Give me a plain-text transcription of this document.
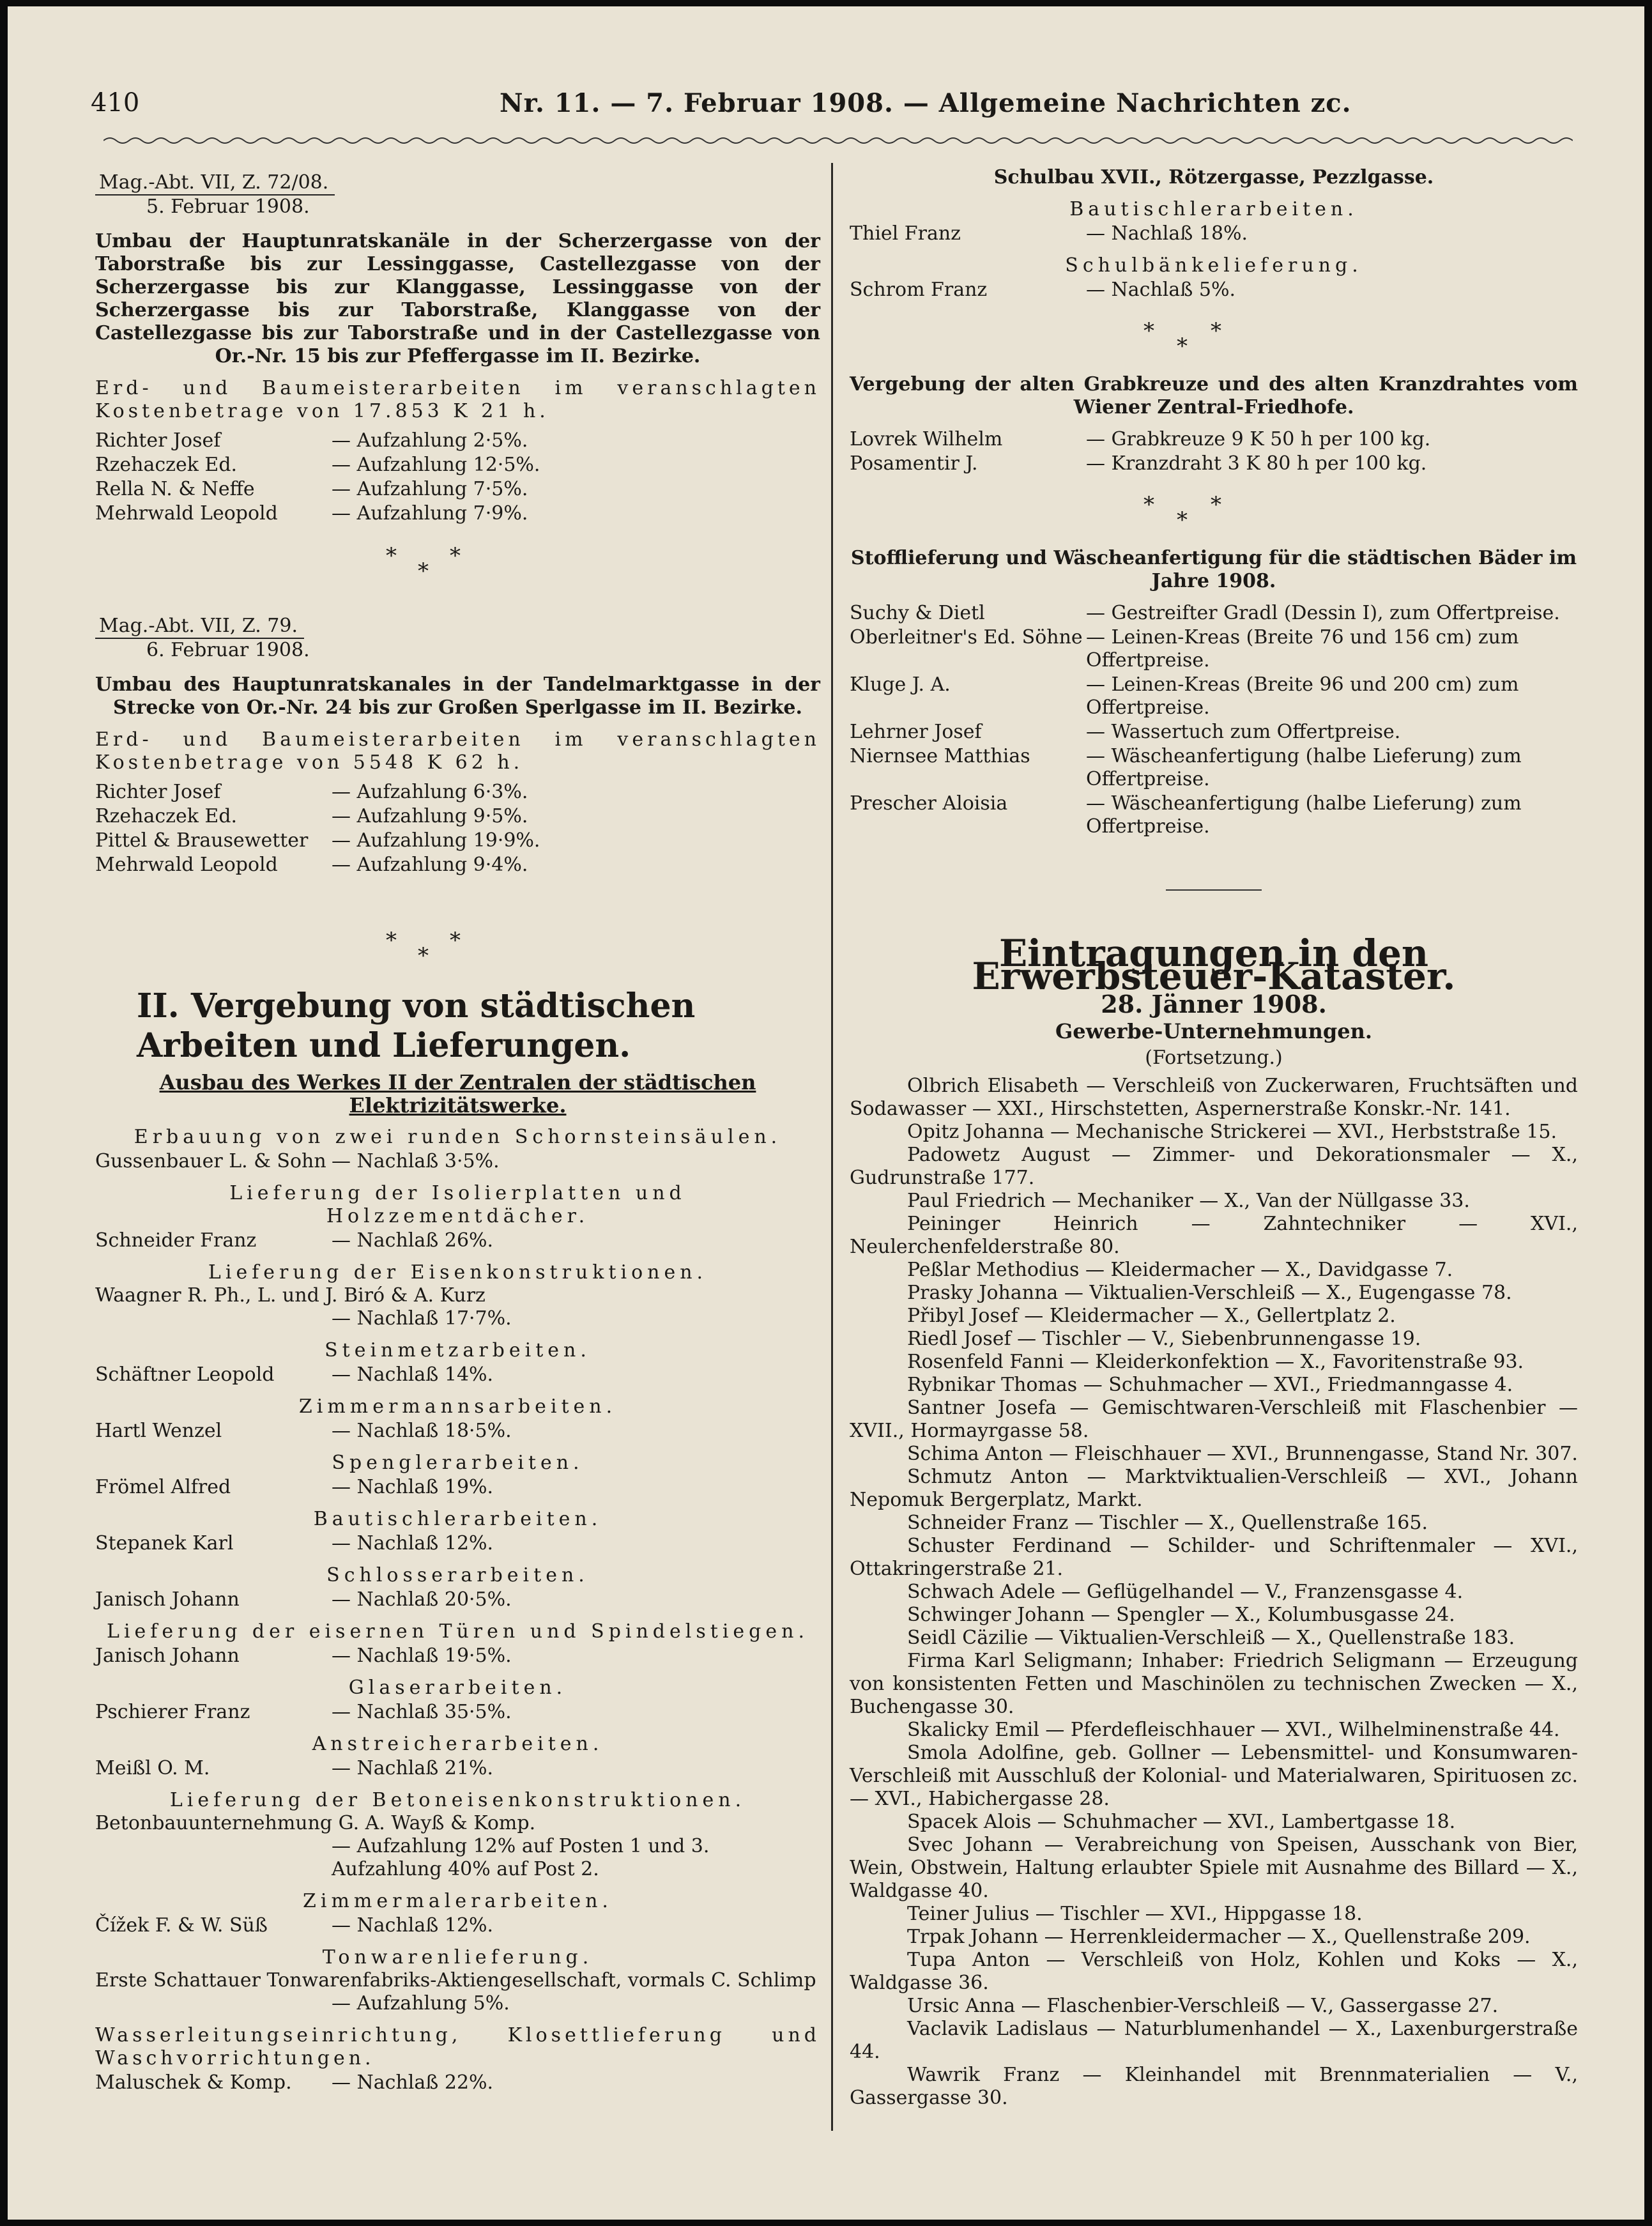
410	Nr. 11. — 7. Februar 1908. — Allgemeine Nachrichten zc.
Mag.-Abt. VII, Z. 72/08.
5. Februar 1908.
Umbau der Hauptunratskanäle in der Scherzergasse von der Taborstraße bis zur Lessinggasse, Castellezgasse von der Scherzergasse bis zur Klanggasse, Lessinggasse von der Scherzergasse bis zur Taborstraße, Klanggasse von der Castellezgasse bis zur Taborstraße und in der Castellezgasse von Or.-Nr. 15 bis zur Pfeffergasse im II. Bezirke.
Erd- und Baumeisterarbeiten im veranschlagten Kostenbetrage von 17.853 K 21 h.
Richter Josef	— Aufzahlung 2·5%.
Rzehaczek Ed.	— Aufzahlung 12·5%.
Rella N. & Neffe	— Aufzahlung 7·5%.
Mehrwald Leopold	— Aufzahlung 7·9%.
* *
*
Mag.-Abt. VII, Z. 79.
6. Februar 1908.
Umbau des Hauptunratskanales in der Tandelmarktgasse in der Strecke von Or.-Nr. 24 bis zur Großen Sperlgasse im II. Bezirke.
Erd- und Baumeisterarbeiten im veranschlagten Kostenbetrage von 5548 K 62 h.
Richter Josef	— Aufzahlung 6·3%.
Rzehaczek Ed.	— Aufzahlung 9·5%.
Pittel & Brausewetter	— Aufzahlung 19·9%.
Mehrwald Leopold	— Aufzahlung 9·4%.
* *
*
II. Vergebung von städtischen Arbeiten und Lieferungen.
Ausbau des Werkes II der Zentralen der städtischen Elektrizitätswerke.
Erbauung von zwei runden Schornsteinsäulen.
Gussenbauer L. & Sohn — Nachlaß 3·5%.
Lieferung der Isolierplatten und Holzzementdächer.
Schneider Franz	— Nachlaß 26%.
Lieferung der Eisenkonstruktionen.
Waagner R. Ph., L. und J. Biró & A. Kurz
— Nachlaß 17·7%.
Steinmetzarbeiten.
Schäftner Leopold	— Nachlaß 14%.
Zimmermannsarbeiten.
Hartl Wenzel	— Nachlaß 18·5%.
Spenglerarbeiten.
Frömel Alfred	— Nachlaß 19%.
Bautischlerarbeiten.
Stepanek Karl	— Nachlaß 12%.
Schlosserarbeiten.
Janisch Johann	— Nachlaß 20·5%.
Lieferung der eisernen Türen und Spindelstiegen.
Janisch Johann	— Nachlaß 19·5%.
Glaserarbeiten.
Pschierer Franz	— Nachlaß 35·5%.
Anstreicherarbeiten.
Meißl O. M.	— Nachlaß 21%.
Lieferung der Betoneisenkonstruktionen.
Betonbauunternehmung G. A. Wayß & Komp.
— Aufzahlung 12% auf Posten 1 und 3. Aufzahlung 40% auf Post 2.
Zimmermalerarbeiten.
Čížek F. & W. Süß	— Nachlaß 12%.
Tonwarenlieferung.
Erste Schattauer Tonwarenfabriks-Aktiengesellschaft, vormals C. Schlimp
— Aufzahlung 5%.
Wasserleitungseinrichtung, Klosettlieferung und Waschvorrichtungen.
Maluschek & Komp.	— Nachlaß 22%.
Schulbau XVII., Rötzergasse, Pezzlgasse.
Bautischlerarbeiten.
Thiel Franz	— Nachlaß 18%.
Schulbänkelieferung.
Schrom Franz	— Nachlaß 5%.
*	*
*
Vergebung der alten Grabkreuze und des alten Kranzdrahtes vom Wiener Zentral-Friedhofe.
Lovrek Wilhelm	— Grabkreuze 9 K 50 h per 100 kg.
Posamentir J.	— Kranzdraht 3 K 80 h per 100 kg.
*	*
*
Stofflieferung und Wäscheanfertigung für die städtischen Bäder im Jahre 1908.
Suchy & Dietl	— Gestreifter Gradl (Dessin I), zum Offertpreise.
Oberleitner's Ed. Söhne — Leinen-Kreas (Breite 76 und 156 cm) zum Offertpreise.
Kluge J. A.	— Leinen-Kreas (Breite 96 und 200 cm) zum Offertpreise.
Lehrner Josef	— Wassertuch zum Offertpreise.
Niernsee Matthias	— Wäscheanfertigung (halbe Lieferung) zum Offertpreise.
Prescher Aloisia	— Wäscheanfertigung (halbe Lieferung) zum Offertpreise.
Eintragungen in den Erwerbsteuer-Kataster.
28. Jänner 1908.
Gewerbe-Unternehmungen.
(Fortsetzung.)
Olbrich Elisabeth — Verschleiß von Zuckerwaren, Fruchtsäften und Sodawasser — XXI., Hirschstetten, Aspernerstraße Konskr.-Nr. 141.
Opitz Johanna — Mechanische Strickerei — XVI., Herbststraße 15.
Padowetz August — Zimmer- und Dekorationsmaler — X., Gudrunstraße 177.
Paul Friedrich — Mechaniker — X., Van der Nüllgasse 33.
Peininger Heinrich — Zahntechniker — XVI., Neulerchenfelderstraße 80.
Peßlar Methodius — Kleidermacher — X., Davidgasse 7.
Prasky Johanna — Viktualien-Verschleiß — X., Eugengasse 78.
Přibyl Josef — Kleidermacher — X., Gellertplatz 2.
Riedl Josef — Tischler — V., Siebenbrunnengasse 19.
Rosenfeld Fanni — Kleiderkonfektion — X., Favoritenstraße 93.
Rybnikar Thomas — Schuhmacher — XVI., Friedmanngasse 4.
Santner Josefa — Gemischtwaren-Verschleiß mit Flaschenbier — XVII., Hormayrgasse 58.
Schima Anton — Fleischhauer — XVI., Brunnengasse, Stand Nr. 307.
Schmutz Anton — Marktviktualien-Verschleiß — XVI., Johann Nepomuk Bergerplatz, Markt.
Schneider Franz — Tischler — X., Quellenstraße 165.
Schuster Ferdinand — Schilder- und Schriftenmaler — XVI., Ottakringerstraße 21.
Schwach Adele — Geflügelhandel — V., Franzensgasse 4.
Schwinger Johann — Spengler — X., Kolumbusgasse 24.
Seidl Cäzilie — Viktualien-Verschleiß — X., Quellenstraße 183.
Firma Karl Seligmann; Inhaber: Friedrich Seligmann — Erzeugung von konsistenten Fetten und Maschinölen zu technischen Zwecken — X., Buchengasse 30.
Skalicky Emil — Pferdefleischhauer — XVI., Wilhelminenstraße 44.
Smola Adolfine, geb. Gollner — Lebensmittel- und Konsumwaren-Verschleiß mit Ausschluß der Kolonial- und Materialwaren, Spirituosen zc. — XVI., Habichergasse 28.
Spacek Alois — Schuhmacher — XVI., Lambertgasse 18.
Svec Johann — Verabreichung von Speisen, Ausschank von Bier, Wein, Obstwein, Haltung erlaubter Spiele mit Ausnahme des Billard — X., Waldgasse 40.
Teiner Julius — Tischler — XVI., Hippgasse 18.
Trpak Johann — Herrenkleidermacher — X., Quellenstraße 209.
Tupa Anton — Verschleiß von Holz, Kohlen und Koks — X., Waldgasse 36.
Ursic Anna — Flaschenbier-Verschleiß — V., Gassergasse 27.
Vaclavik Ladislaus — Naturblumenhandel — X., Laxenburgerstraße 44.
Wawrik Franz — Kleinhandel mit Brennmaterialien — V., Gassergasse 30.
